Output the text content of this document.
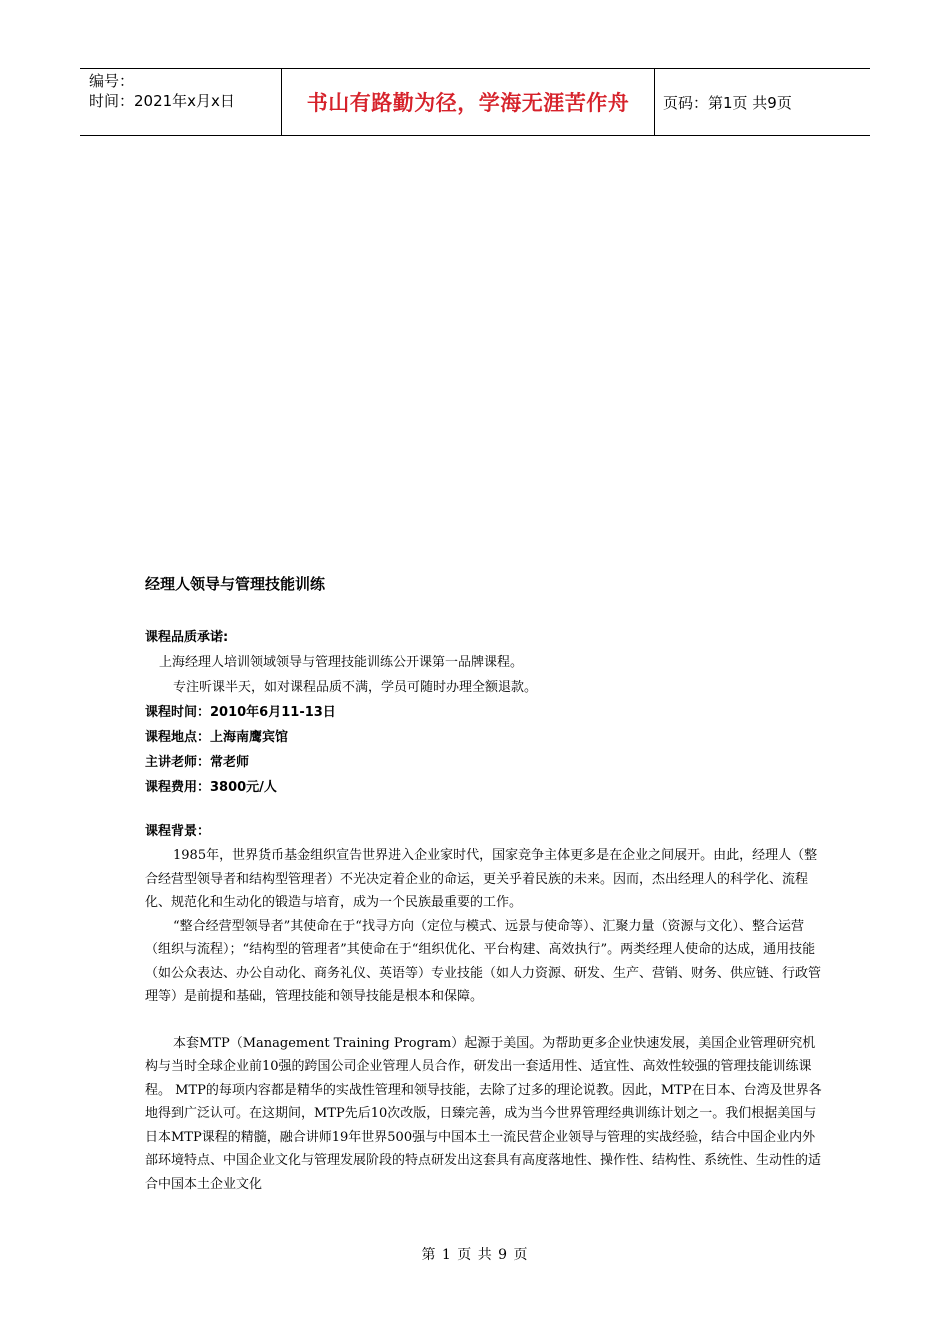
编号：
时间：2021年x月x日	书山有路勤为径，学海无涯苦作舟 页码：第1页 共9页
经理人领导与管理技能训练

课程品质承诺:

上海经理人培训领域领导与管理技能训练公开课第一品牌课程。

专注听课半天，如对课程品质不满，学员可随时办理全额退款。

课程时间：2010年6月11-13日

课程地点：上海南鹰宾馆

主讲老师：常老师

课程费用：3800元/人

课程背景：

1985年，世界货币基金组织宣告世界进入企业家时代，国家竞争主体更多是在企业之间展开。由此，经理人（整合经营型领导者和结构型管理者）不光决定着企业的命运，更关乎着民族的未来。因而，杰出经理人的科学化、流程化、规范化和生动化的锻造与培育，成为一个民族最重要的工作。

“整合经营型领导者”其使命在于“找寻方向（定位与模式、远景与使命等）、汇聚力量（资源与文化）、整合运营（组织与流程）；“结构型的管理者”其使命在于“组织优化、平台构建、高效执行”。两类经理人使命的达成，通用技能（如公众表达、办公自动化、商务礼仪、英语等）专业技能（如人力资源、研发、生产、营销、财务、供应链、行政管理等）是前提和基础，管理技能和领导技能是根本和保障。

本套MTP（Management Training Program）起源于美国。为帮助更多企业快速发展，美国企业管理研究机构与当时全球企业前10强的跨国公司企业管理人员合作，研发出一套适用性、适宜性、高效性较强的管理技能训练课程。 MTP的每项内容都是精华的实战性管理和领导技能，去除了过多的理论说教。因此，MTP在日本、台湾及世界各地得到广泛认可。在这期间，MTP先后10次改版，日臻完善，成为当今世界管理经典训练计划之一。我们根据美国与日本MTP课程的精髓，融合讲师19年世界500强与中国本土一流民营企业领导与管理的实战经验，结合中国企业内外部环境特点、中国企业文化与管理发展阶段的特点研发出这套具有高度落地性、操作性、结构性、系统性、生动性的适合中国本土企业文化

第 1 页 共 9 页
